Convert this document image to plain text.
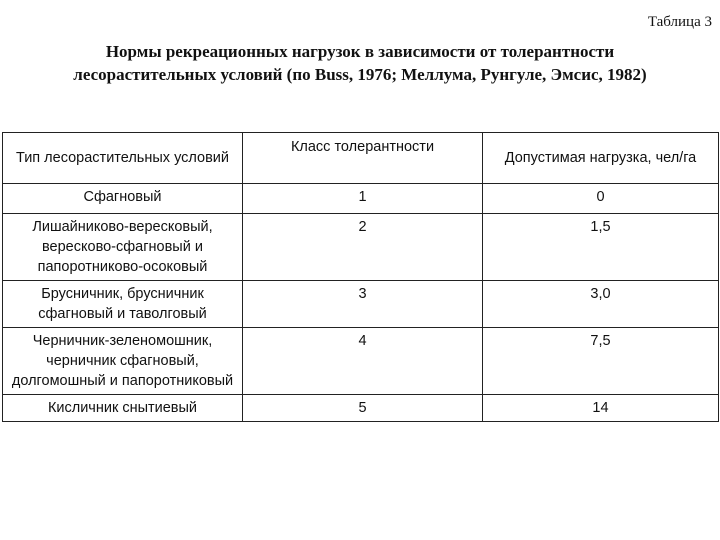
Таблица 3
Нормы рекреационных нагрузок в зависимости от толерантности
лесорастительных условий (по Buss, 1976; Меллума, Рунгуле, Эмсис, 1982)
Тип лесорастительных условий	Класс толерантности	Допустимая нагрузка, чел/га
Сфагновый	1	0
Лишайниково-вересковый, вересково-сфагновый и папоротниково-осоковый	2	1,5
Брусничник, брусничник сфагновый и таволговый	3	3,0
Черничник-зеленомошник, черничник сфагновый, долгомошный и папоротниковый	4	7,5
Кисличник снытиевый	5	14
